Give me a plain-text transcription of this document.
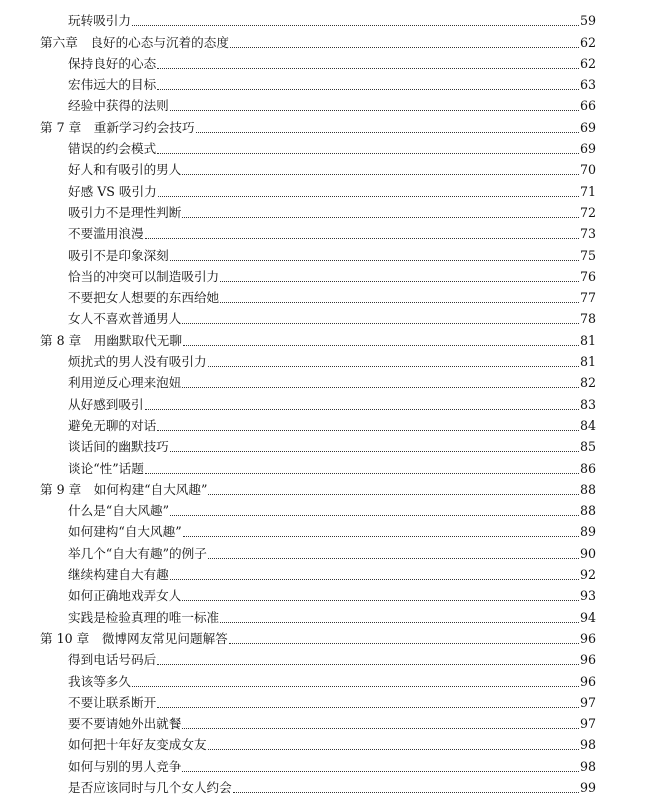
玩转吸引力	59
第六章　良好的心态与沉着的态度	62
保持良好的心态	62
宏伟远大的目标	63
经验中获得的法则	66
第 7 章　重新学习约会技巧	69
错误的约会模式	69
好人和有吸引的男人	70
好感 VS 吸引力	71
吸引力不是理性判断	72
不要滥用浪漫	73
吸引不是印象深刻	75
恰当的冲突可以制造吸引力	76
不要把女人想要的东西给她	77
女人不喜欢普通男人	78
第 8 章　用幽默取代无聊	81
烦扰式的男人没有吸引力	81
利用逆反心理来泡妞	82
从好感到吸引	83
避免无聊的对话	84
谈话间的幽默技巧	85
谈论“性”话题	86
第 9 章　如何构建“自大风趣”	88
什么是“自大风趣”	88
如何建构“自大风趣”	89
举几个“自大有趣”的例子	90
继续构建自大有趣	92
如何正确地戏弄女人	93
实践是检验真理的唯一标准	94
第 10 章　微博网友常见问题解答	96
得到电话号码后	96
我该等多久	96
不要让联系断开	97
要不要请她外出就餐	97
如何把十年好友变成女友	98
如何与别的男人竞争	98
是否应该同时与几个女人约会	99
